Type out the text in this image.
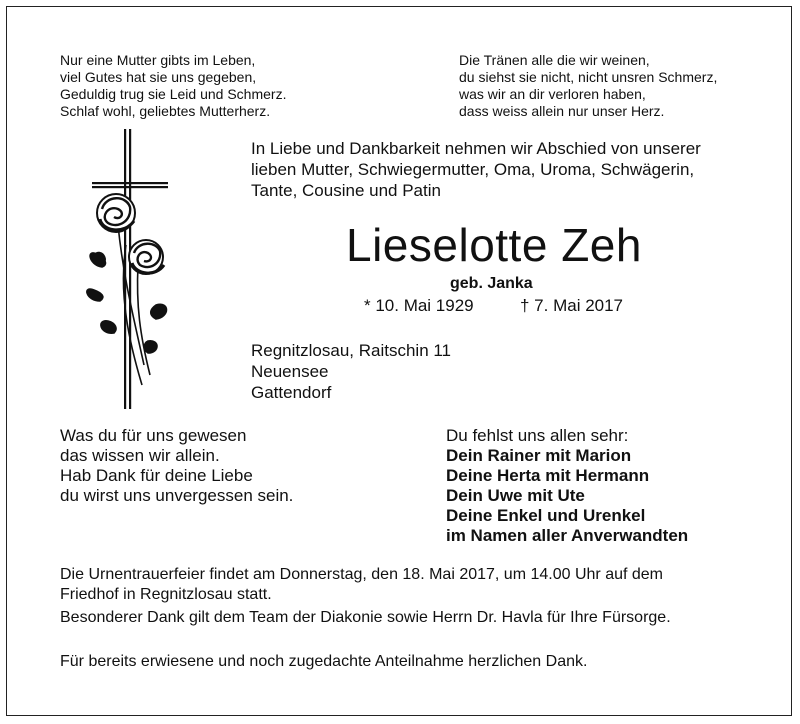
Nur eine Mutter gibts im Leben,
viel Gutes hat sie uns gegeben,
Geduldig trug sie Leid und Schmerz.
Schlaf wohl, geliebtes Mutterherz.
Die Tränen alle die wir weinen,
du siehst sie nicht, nicht unsren Schmerz,
was wir an dir verloren haben,
dass weiss allein nur unser Herz.
In Liebe und Dankbarkeit nehmen wir Abschied von unserer
lieben Mutter, Schwiegermutter, Oma, Uroma, Schwägerin,
Tante, Cousine und Patin
Lieselotte Zeh
geb. Janka
* 10. Mai 1929	† 7. Mai 2017
Regnitzlosau, Raitschin 11
Neuensee
Gattendorf
Was du für uns gewesen
das wissen wir allein.
Hab Dank für deine Liebe
du wirst uns unvergessen sein.
Du fehlst uns allen sehr:
Dein Rainer mit Marion
Deine Herta mit Hermann
Dein Uwe mit Ute
Deine Enkel und Urenkel
im Namen aller Anverwandten
Die Urnentrauerfeier findet am Donnerstag, den 18. Mai 2017, um 14.00 Uhr auf dem
Friedhof in Regnitzlosau statt.
Besonderer Dank gilt dem Team der Diakonie sowie Herrn Dr. Havla für Ihre Fürsorge.
Für bereits erwiesene und noch zugedachte Anteilnahme herzlichen Dank.
